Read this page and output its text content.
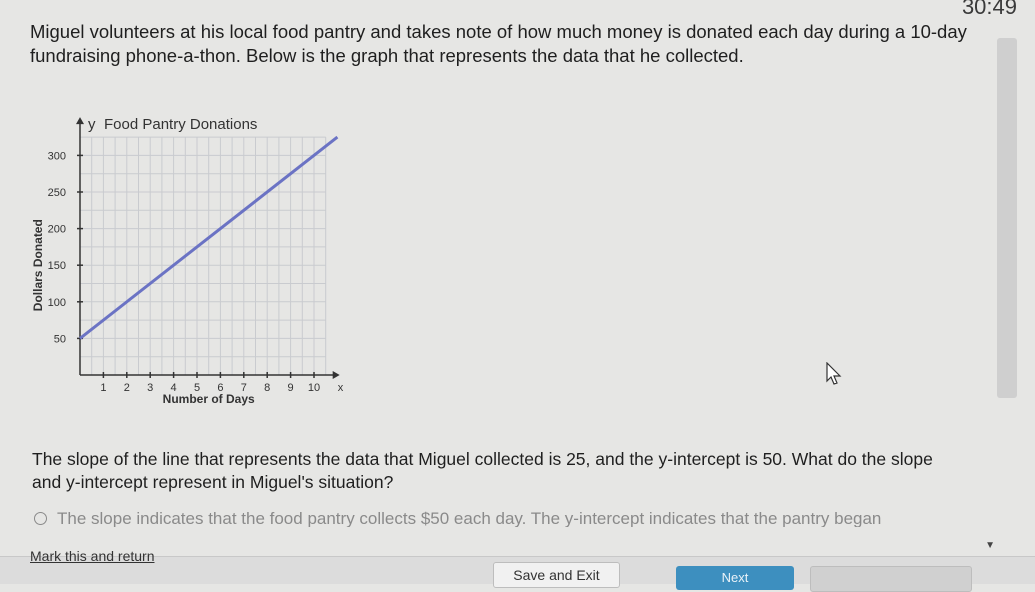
30:49
Miguel volunteers at his local food pantry and takes note of how much money is donated each day during a 10-day fundraising phone-a-thon. Below is the graph that represents the data that he collected.
1 2 3 4 5 6 7 8 9 10
50
100
150
200
250
300
x
y Food Pantry Donations
Number of Days
Dollars Donated
The slope of the line that represents the data that Miguel collected is 25, and the y-intercept is 50. What do the slope and y-intercept represent in Miguel's situation?
The slope indicates that the food pantry collects $50 each day. The y-intercept indicates that the pantry began
▼
Mark this and return
Save and Exit	Next
